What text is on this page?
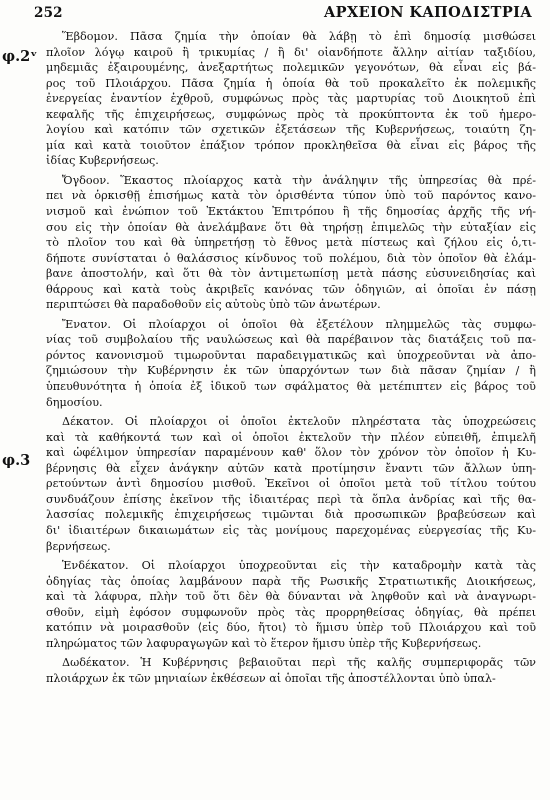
252	ΑΡΧΕΙΟΝ ΚΑΠΟΔΙΣΤΡΙΑ
φ.2ᵛ
φ.3
Ἕβδομον. Πᾶσα ζημία τὴν ὁποίαν θὰ λάβῃ τὸ ἐπὶ δημοσίᾳ μισθώσει
πλοῖον λόγῳ καιροῦ ἢ τρικυμίας / ἢ δι' οἱανδήποτε ἄλλην αἰτίαν ταξιδίου,
μηδεμιᾶς ἐξαιρουμένης, ἀνεξαρτήτως πολεμικῶν γεγονότων, θὰ εἶναι εἰς βά-
ρος τοῦ Πλοιάρχου. Πᾶσα ζημία ἡ ὁποία θὰ τοῦ προκαλεῖτο ἐκ πολεμικῆς
ἐνεργείας ἐναντίον ἐχθροῦ, συμφώνως πρὸς τὰς μαρτυρίας τοῦ Διοικητοῦ ἐπὶ
κεφαλῆς τῆς ἐπιχειρήσεως, συμφώνως πρὸς τὰ προκύπτοντα ἐκ τοῦ ἡμερο-
λογίου καὶ κατόπιν τῶν σχετικῶν ἐξετάσεων τῆς Κυβερνήσεως, τοιαύτη ζη-
μία καὶ κατὰ τοιοῦτον ἐπάξιον τρόπον προκληθεῖσα θὰ εἶναι εἰς βάρος τῆς
ἰδίας Κυβερνήσεως.
Ὄγδοον. Ἕκαστος πλοίαρχος κατὰ τὴν ἀνάληψιν τῆς ὑπηρεσίας θὰ πρέ-
πει νὰ ὁρκισθῇ ἐπισήμως κατὰ τὸν ὁρισθέντα τύπον ὑπὸ τοῦ παρόντος κανο-
νισμοῦ καὶ ἐνώπιον τοῦ Ἐκτάκτου Ἐπιτρόπου ἢ τῆς δημοσίας ἀρχῆς τῆς νή-
σου εἰς τὴν ὁποίαν θὰ ἀνελάμβανε ὅτι θὰ τηρήσῃ ἐπιμελῶς τὴν εὐταξίαν εἰς
τὸ πλοῖον του καὶ θὰ ὑπηρετήσῃ τὸ ἔθνος μετὰ πίστεως καὶ ζήλου εἰς ὁ,τι-
δήποτε συνίσταται ὁ θαλάσσιος κίνδυνος τοῦ πολέμου, διὰ τὸν ὁποῖον θὰ ἐλάμ-
βανε ἀποστολήν, καὶ ὅτι θὰ τὸν ἀντιμετωπίσῃ μετὰ πάσης εὐσυνειδησίας καὶ
θάρρους καὶ κατὰ τοὺς ἀκριβεῖς κανόνας τῶν ὁδηγιῶν, αἱ ὁποῖαι ἐν πάσῃ
περιπτώσει θὰ παραδοθοῦν εἰς αὐτοὺς ὑπὸ τῶν ἀνωτέρων.
Ἔνατον. Οἱ πλοίαρχοι οἱ ὁποῖοι θὰ ἐξετέλουν πλημμελῶς τὰς συμφω-
νίας τοῦ συμβολαίου τῆς ναυλώσεως καὶ θὰ παρέβαινον τὰς διατάξεις τοῦ πα-
ρόντος κανονισμοῦ τιμωροῦνται παραδειγματικῶς καὶ ὑποχρεοῦνται νὰ ἀπο-
ζημιώσουν τὴν Κυβέρνησιν ἐκ τῶν ὑπαρχόντων των διὰ πᾶσαν ζημίαν / ἢ
ὑπευθυνότητα ἡ ὁποία ἐξ ἰδικοῦ των σφάλματος θὰ μετέπιπτεν εἰς βάρος τοῦ
δημοσίου.
Δέκατον. Οἱ πλοίαρχοι οἱ ὁποῖοι ἐκτελοῦν πληρέστατα τὰς ὑποχρεώσεις
καὶ τὰ καθήκοντά των καὶ οἱ ὁποῖοι ἐκτελοῦν τὴν πλέον εὐπειθῆ, ἐπιμελῆ
καὶ ὠφέλιμον ὑπηρεσίαν παραμένουν καθ' ὅλον τὸν χρόνον τὸν ὁποῖον ἡ Κυ-
βέρνησις θὰ εἶχεν ἀνάγκην αὐτῶν κατὰ προτίμησιν ἔναντι τῶν ἄλλων ὑπη-
ρετούντων ἀντὶ δημοσίου μισθοῦ. Ἐκεῖνοι οἱ ὁποῖοι μετὰ τοῦ τίτλου τούτου
συνδυάζουν ἐπίσης ἐκεῖνον τῆς ἰδιαιτέρας περὶ τὰ ὅπλα ἀνδρίας καὶ τῆς θα-
λασσίας πολεμικῆς ἐπιχειρήσεως τιμῶνται διὰ προσωπικῶν βραβεύσεων καὶ
δι' ἰδιαιτέρων δικαιωμάτων εἰς τὰς μονίμους παρεχομένας εὐεργεσίας τῆς Κυ-
βερνήσεως.
Ἑνδέκατον. Οἱ πλοίαρχοι ὑποχρεοῦνται εἰς τὴν καταδρομὴν κατὰ τὰς
ὁδηγίας τὰς ὁποίας λαμβάνουν παρὰ τῆς Ρωσικῆς Στρατιωτικῆς Διοικήσεως,
καὶ τὰ λάφυρα, πλὴν τοῦ ὅτι δὲν θὰ δύνανται νὰ ληφθοῦν καὶ νὰ ἀναγνωρι-
σθοῦν, εἰμὴ ἐφόσον συμφωνοῦν πρὸς τὰς προρρηθείσας ὁδηγίας, θὰ πρέπει
κατόπιν νὰ μοιρασθοῦν ⟨εἰς δύο, ἤτοι⟩ τὸ ἥμισυ ὑπὲρ τοῦ Πλοιάρχου καὶ τοῦ
πληρώματος τῶν λαφυραγωγῶν καὶ τὸ ἕτερον ἥμισυ ὑπὲρ τῆς Κυβερνήσεως.
Δωδέκατον. Ἡ Κυβέρνησις βεβαιοῦται περὶ τῆς καλῆς συμπεριφορᾶς τῶν
πλοιάρχων ἐκ τῶν μηνιαίων ἐκθέσεων αἱ ὁποῖαι τῆς ἀποστέλλονται ὑπὸ ὑπαλ-
